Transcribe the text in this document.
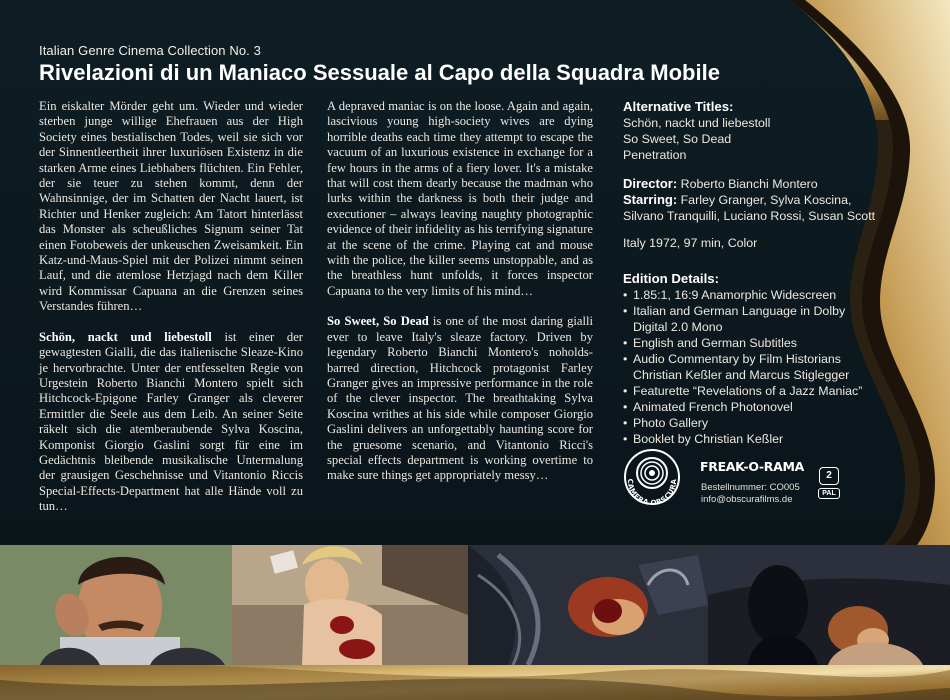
Italian Genre Cinema Collection No. 3
Rivelazioni di un Maniaco Sessuale al Capo della Squadra Mobile

Ein eiskalter Mörder geht um. Wieder und wieder sterben junge willige Ehefrauen aus der High Society eines bestialischen Todes, weil sie sich vor der Sinnentleertheit ihrer luxuriösen Existenz in die starken Arme eines Liebhabers flüchten. Ein Fehler, der sie teuer zu stehen kommt, denn der Wahnsinnige, der im Schatten der Nacht lauert, ist Richter und Henker zugleich: Am Tatort hinterlässt das Monster als scheußliches Signum seiner Tat einen Fotobeweis der unkeuschen Zweisamkeit. Ein Katz-und-Maus-Spiel mit der Polizei nimmt seinen Lauf, und die atemlose Hetzjagd nach dem Killer wird Kommissar Capuana an die Grenzen seines Verstandes führen…

Schön, nackt und liebestoll ist einer der gewagtesten Gialli, die das italienische Sleaze-Kino je hervorbrachte. Unter der entfesselten Regie von Urgestein Roberto Bianchi Montero spielt sich Hitchcock-Epigone Farley Granger als cleverer Ermittler die Seele aus dem Leib. An seiner Seite räkelt sich die atemberaubende Sylva Koscina, Komponist Giorgio Gaslini sorgt für eine im Gedächtnis bleibende musikalische Untermalung der grausigen Geschehnisse und Vitantonio Riccis Special-Effects-Department hat alle Hände voll zu tun…

A depraved maniac is on the loose. Again and again, lascivious young high-society wives are dying horrible deaths each time they attempt to escape the vacuum of an luxurious existence in exchange for a few hours in the arms of a fiery lover. It's a mistake that will cost them dearly because the madman who lurks within the darkness is both their judge and executioner – always leaving naughty photographic evidence of their infidelity as his terrifying signature at the scene of the crime. Playing cat and mouse with the police, the killer seems unstoppable, and as the breathless hunt unfolds, it forces inspector Capuana to the very limits of his mind…

So Sweet, So Dead is one of the most daring gialli ever to leave Italy's sleaze factory. Driven by legendary Roberto Bianchi Montero's noholds-barred direction, Hitchcock protagonist Farley Granger gives an impressive performance in the role of the clever inspector. The breathtaking Sylva Koscina writhes at his side while composer Giorgio Gaslini delivers an unforgettably haunting score for the gruesome scenario, and Vitantonio Ricci's special effects department is working overtime to make sure things get appropriately messy…

Alternative Titles:
Schön, nackt und liebestoll
So Sweet, So Dead
Penetration
Director: Roberto Bianchi Montero
Starring: Farley Granger, Sylva Koscina, Silvano Tranquilli, Luciano Rossi, Susan Scott
Italy 1972, 97 min, Color
Edition Details:
• 1.85:1, 16:9 Anamorphic Widescreen
• Italian and German Language in Dolby Digital 2.0 Mono
• English and German Subtitles
• Audio Commentary by Film Historians Christian Keßler and Marcus Stiglegger
• Featurette “Revelations of a Jazz Maniac”
• Animated French Photonovel
• Photo Gallery
• Booklet by Christian Keßler
CAMERA OBSCURA
FREAK-O-RAMA
Bestellnummer: CO005
info@obscurafilms.de
2
PAL
